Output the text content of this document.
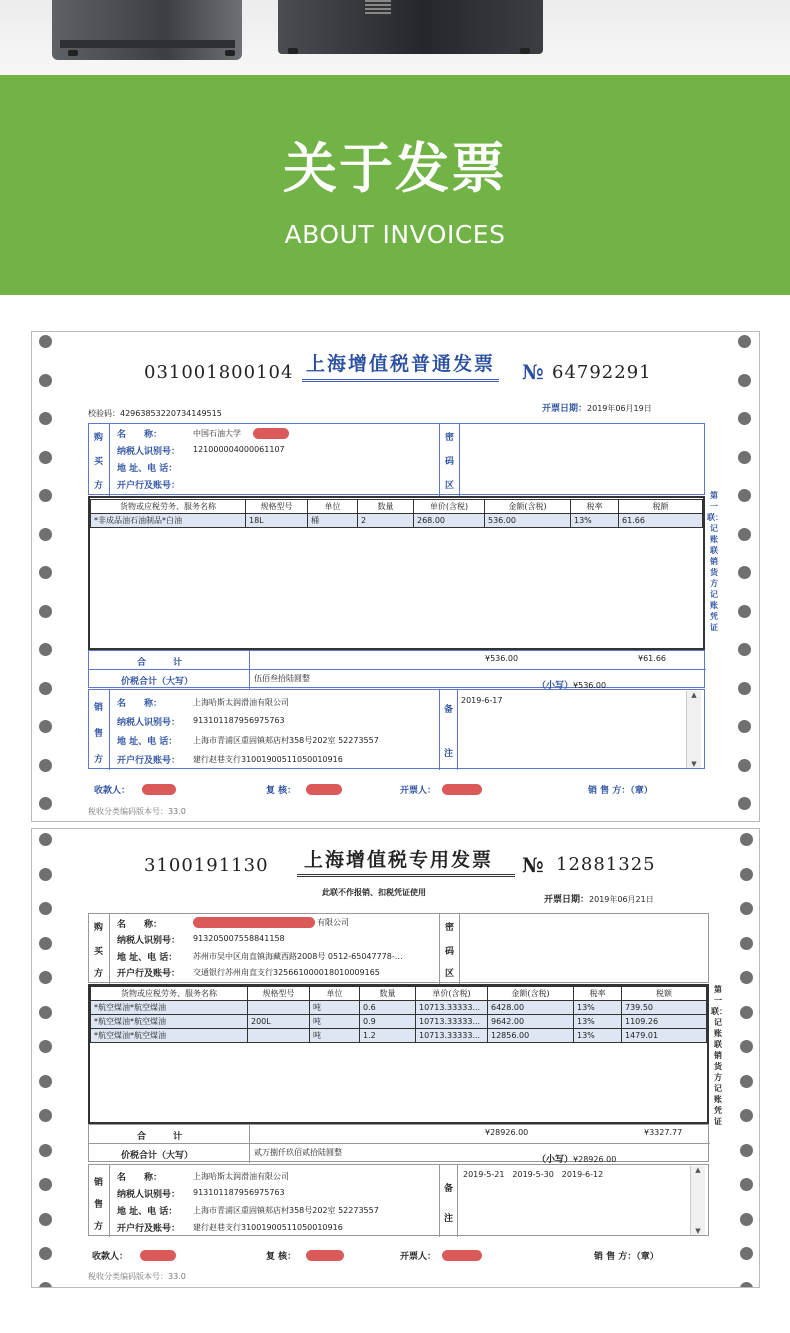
关于发票
ABOUT INVOICES
031001800104 上海增值税普通发票 № 64792291
校验码：42963853220734149515	开票日期：2019年06月19日
购
买
方
名　　称：	中国石油大学
纳税人识别号： 121000004000061107
地 址、电 话：
开户行及账号：
密
码
区
货物或应税劳务、服务名称	规格型号	单位	数量	单价(含税)	金额(含税)	税率	税额
*非成品油石油制品*白油	18L	桶	2	268.00	536.00	13%	61.66
合　　　计	¥536.00	¥61.66
价税合计（大写）	伍佰叁拾陆圆整
（小写）¥536.00
销
售
方
名　　称：	上海哈斯太润滑油有限公司
纳税人识别号： 913101187956975763
地 址、电 话： 上海市青浦区重固镇郏店村358号202室 52273557
开户行及账号： 建行赵巷支行31001900511050010916
备
注
2019-6-17
▲
▼
第一联：记账联 销货方记账凭证
收款人：	复 核：	开票人：	销 售 方：（章）
税收分类编码版本号：33.0
3100191130 上海增值税专用发票 № 12881325
此联不作报销、扣税凭证使用
开票日期：2019年06月21日
购
买
方
名　　称：	有限公司
纳税人识别号： 913205007558841158
地 址、电 话： 苏州市吴中区甪直镇海藏西路2008号 0512-65047778-…
开户行及账号： 交通银行苏州甪直支行325661000018010009165
密
码
区
货物或应税劳务、服务名称	规格型号	单位	数量	单价(含税)	金额(含税)	税率	税额
*航空煤油*航空煤油		吨	0.6	10713.33333...	6428.00	13%	739.50
*航空煤油*航空煤油	200L	吨	0.9	10713.33333...	9642.00	13%	1109.26
*航空煤油*航空煤油		吨	1.2	10713.33333...	12856.00	13%	1479.01
合　　　计	¥28926.00	¥3327.77
价税合计（大写）	贰万捌仟玖佰贰拾陆圆整
（小写）¥28926.00
销
售
方
名　　称：	上海哈斯太润滑油有限公司
纳税人识别号： 913101187956975763
地 址、电 话： 上海市青浦区重固镇郏店村358号202室 52273557
开户行及账号： 建行赵巷支行31001900511050010916
备
注
2019-5-21　2019-5-30　2019-6-12	▲
▼
第一联：记账联 销货方记账凭证
收款人：	复 核：	开票人：	销 售 方：（章）
税收分类编码版本号：33.0
